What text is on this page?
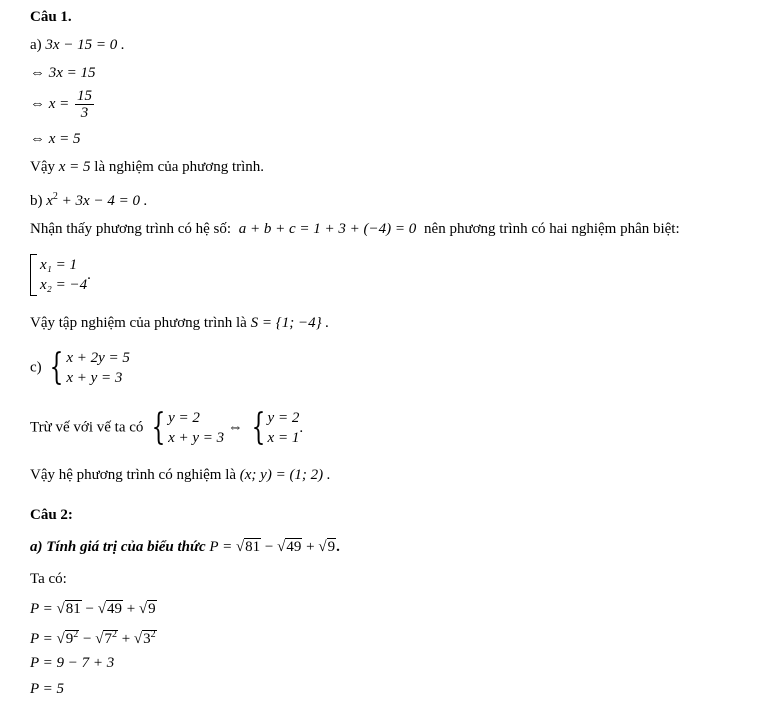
Câu 1.
a) 3x − 15 = 0 .
⇔ 3x = 15
⇔ $x = \frac{15}{3}$
⇔ x = 5
Vậy x = 5 là nghiệm của phương trình.
b) $x^2 + 3x - 4 = 0$ .
Nhận thấy phương trình có hệ số: a + b + c = 1 + 3 + (−4) = 0 nên phương trình có hai nghiệm phân biệt:
x₁ = 1
x₂ = −4
.
Vậy tập nghiệm của phương trình là S = {1; −4} .
c) { x + 2y = 5
x + y = 3
Trừ vế với vế ta có { y = 2
x + y = 3
⇔ { y = 2
x = 1
.
Vậy hệ phương trình có nghiệm là (x; y) = (1; 2) .
Câu 2:
a) Tính giá trị của biểu thức P = √81 − √49 + √9.
Ta có:
P = √81 − √49 + √9
$P = √9^2 - √7^2 + √3^2$
P = 9 − 7 + 3
P = 5
